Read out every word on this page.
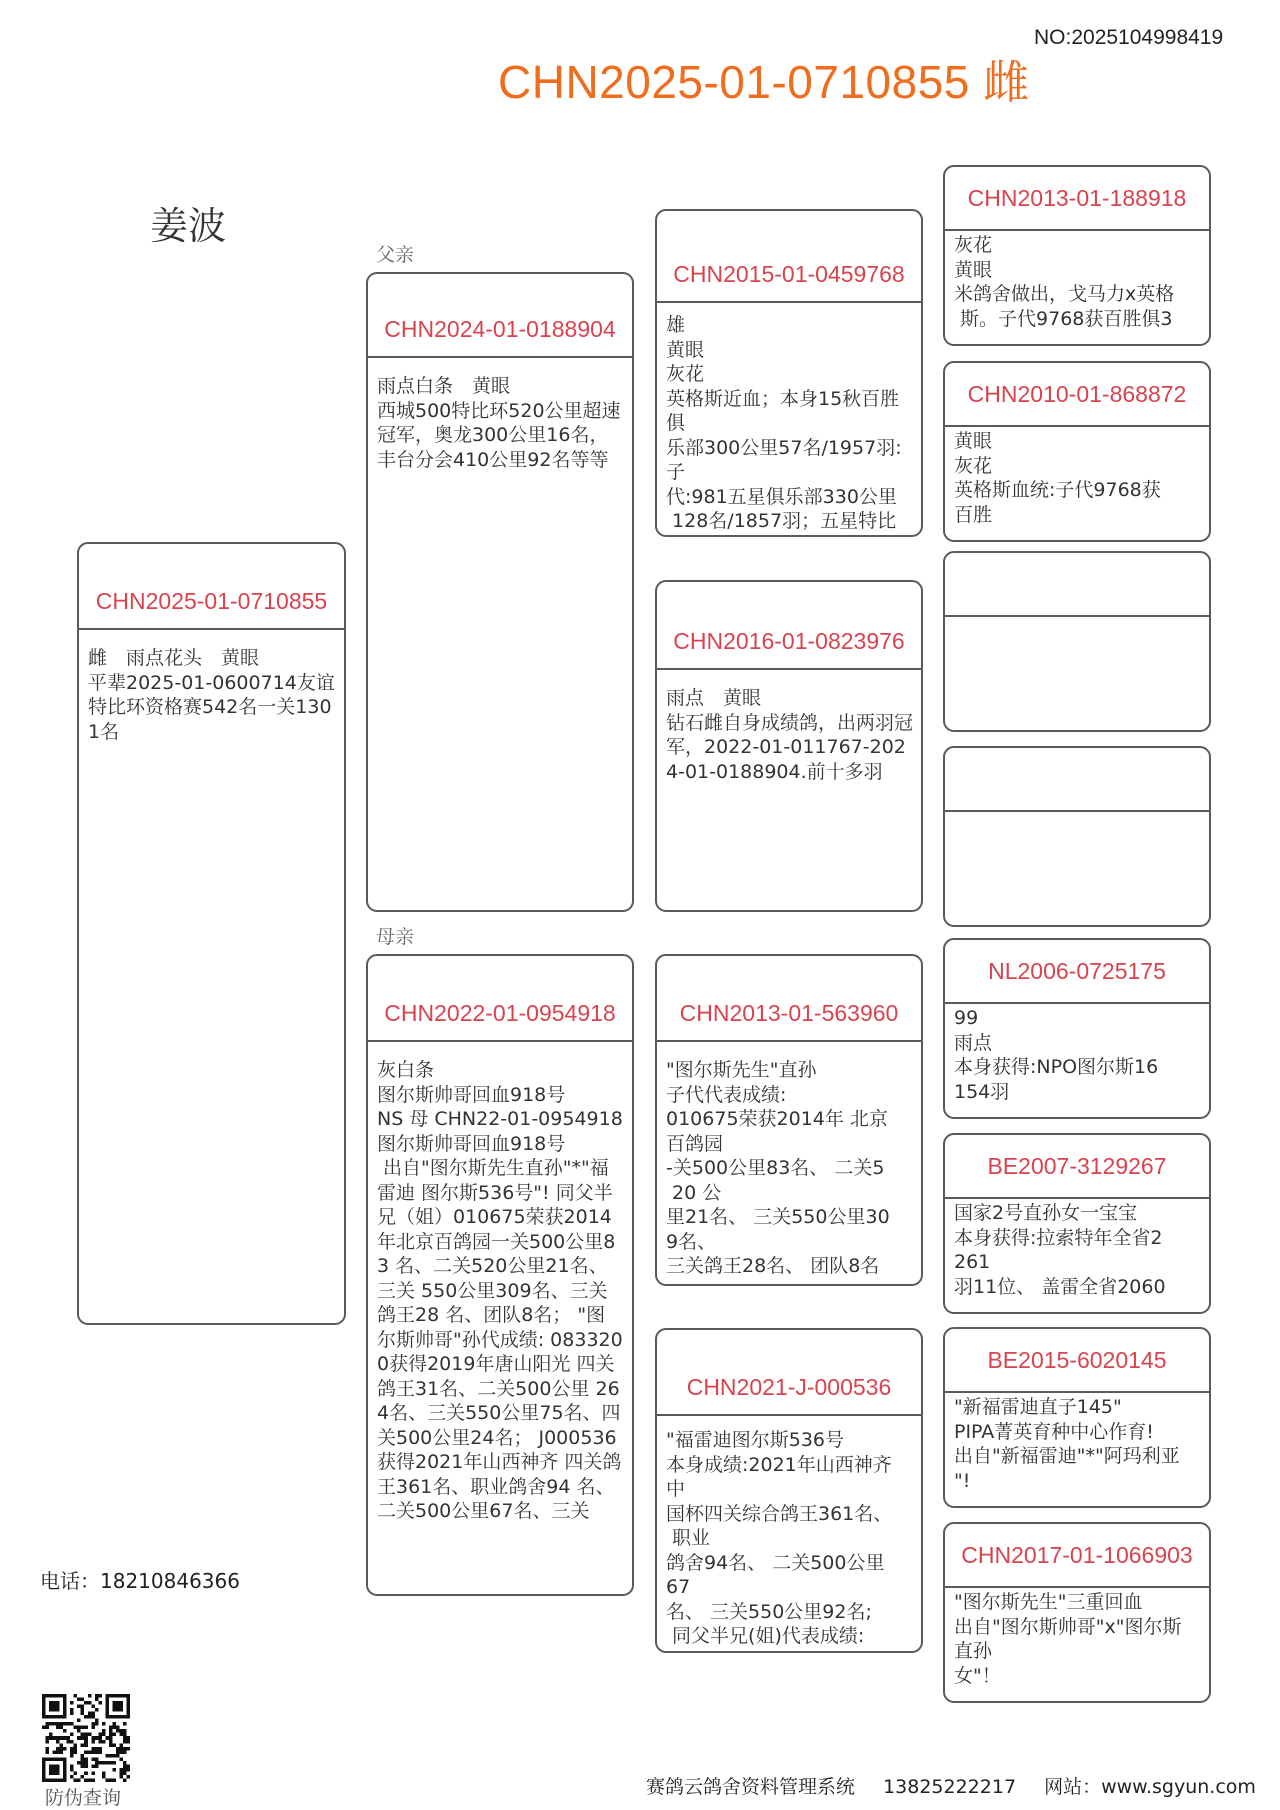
NO:2025104998419
CHN2025-01-0710855 雌
姜波
父亲
母亲
CHN2025-01-0710855
雌　雨点花头　黄眼
平辈2025-01-0600714友谊特比环资格赛542名一关1301名
CHN2024-01-0188904
雨点白条　黄眼
西城500特比环520公里超速冠军，奥龙300公里16名，丰台分会410公里92名等等
CHN2022-01-0954918
灰白条
图尔斯帅哥回血918号
NS 母 CHN22-01-0954918 图尔斯帅哥回血918号
出自"图尔斯先生直孙"*"福雷迪 图尔斯536号"! 同父半兄（姐）010675荣获2014 年北京百鸽园一关500公里83 名、二关520公里21名、三关 550公里309名、三关鸽王28 名、团队8名； "图尔斯帅哥"孙代成绩: 0833200获得2019年唐山阳光 四关鸽王31名、二关500公里 264名、三关550公里75名、四 关500公里24名； J000536获得2021年山西神齐 四关鸽王361名、职业鸽舍94 名、二关500公里67名、三关
CHN2015-01-0459768
雄
黄眼
灰花
英格斯近血；本身15秋百胜俱
乐部300公里57名/1957羽:子
代:981五星俱乐部330公里
128名/1857羽；五星特比
CHN2016-01-0823976
雨点　黄眼
钻石雌自身成绩鸽，出两羽冠军，2022-01-011767-2024-01-0188904.前十多羽
CHN2013-01-563960
"图尔斯先生"直孙
子代代表成绩:
010675荣获2014年 北京
百鸽园
-关500公里83名、 二关5
20 公
里21名、 三关550公里30
9名、
三关鸽王28名、 团队8名
CHN2021-J-000536
"福雷迪图尔斯536号
本身成绩:2021年山西神齐
中
国杯四关综合鸽王361名、
职业
鸽舍94名、 二关500公里
67
名、 三关550公里92名;
同父半兄(姐)代表成绩:
CHN2013-01-188918
灰花
黄眼
米鸽舍做出，戈马力x英格
斯。子代9768获百胜俱3
CHN2010-01-868872
黄眼
灰花
英格斯血统:子代9768获
百胜
NL2006-0725175
99
雨点
本身获得:NPO图尔斯16
154羽
BE2007-3129267
国家2号直孙女一宝宝
本身获得:拉索特年全省2
261
羽11位、 盖雷全省2060
BE2015-6020145
"新福雷迪直子145"
PIPA菁英育种中心作育!
出自"新福雷迪"*"阿玛利亚
"!
CHN2017-01-1066903
"图尔斯先生"三重回血
出自"图尔斯帅哥"x"图尔斯
直孙
女"！
电话：18210846366
防伪查询	赛鸽云鸽舍资料管理系统 13825222217 网站：www.sgyun.com
